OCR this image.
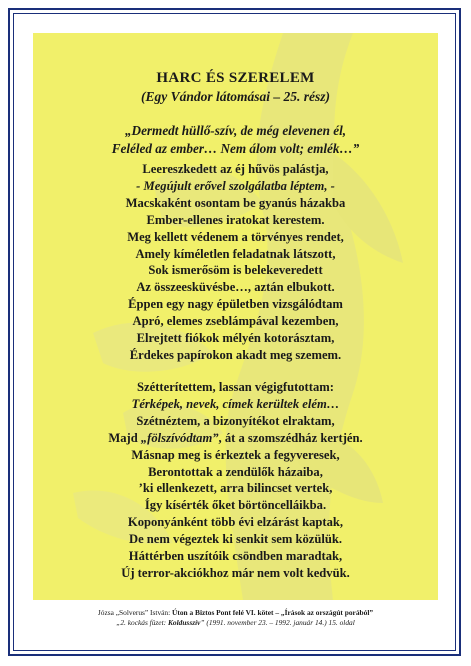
HARC ÉS SZERELEM
(Egy Vándor látomásai – 25. rész)
„Dermedt hüllő-szív, de még elevenen él,
Feléled az ember… Nem álom volt; emlék…”
Leereszkedett az éj hűvös palástja,
- Megújult erővel szolgálatba léptem, -
Macskaként osontam be gyanús házakba
Ember-ellenes iratokat kerestem.
Meg kellett védenem a törvényes rendet,
Amely kíméletlen feladatnak látszott,
Sok ismerősöm is belekeveredett
Az összeesküvésbe…, aztán elbukott.
Éppen egy nagy épületben vizsgálódtam
Apró, elemes zseblámpával kezemben,
Elrejtett fiókok mélyén kotorásztam,
Érdekes papírokon akadt meg szemem.
Szétterítettem, lassan végigfutottam:
Térképek, nevek, címek kerültek elém…
Szétnéztem, a bizonyítékot elraktam,
Majd „fölszívódtam”, át a szomszédház kertjén.
Másnap meg is érkeztek a fegyveresek,
Berontottak a zendülők házaiba,
’ki ellenkezett, arra bilincset vertek,
Így kísérték őket börtöncelláikba.
Koponyánként több évi elzárást kaptak,
De nem végeztek ki senkit sem közülük.
Háttérben uszítóik csöndben maradtak,
Új terror-akciókhoz már nem volt kedvük.
Józsa „Solverus” István: Úton a Biztos Pont felé VI. kötet – „Írások az országút porából”
„2. kockás füzet: Koldusszív” (1991. november 23. – 1992. január 14.) 15. oldal
